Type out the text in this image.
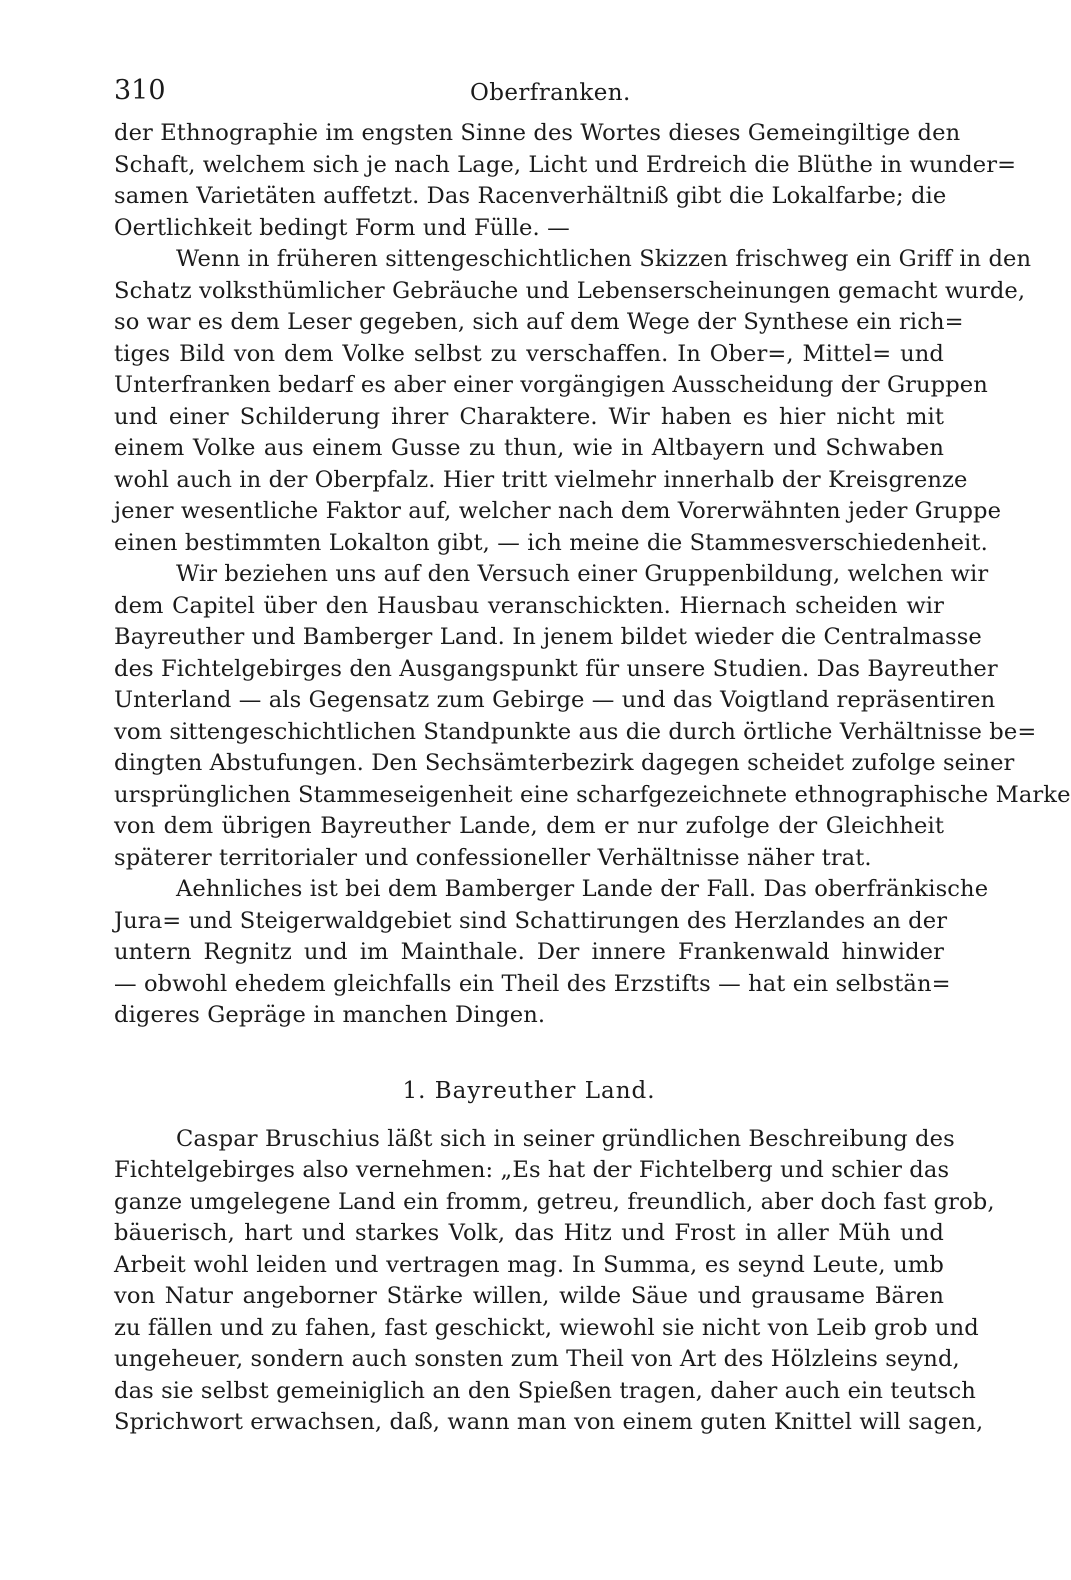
310	Oberfranken.
der Ethnographie im engsten Sinne des Wortes dieses Gemeingiltige den
Schaft, welchem sich je nach Lage, Licht und Erdreich die Blüthe in wunder=
samen Varietäten auffetzt. Das Racenverhältniß gibt die Lokalfarbe; die
Oertlichkeit bedingt Form und Fülle. —
Wenn in früheren sittengeschichtlichen Skizzen frischweg ein Griff in den
Schatz volksthümlicher Gebräuche und Lebenserscheinungen gemacht wurde,
so war es dem Leser gegeben, sich auf dem Wege der Synthese ein rich=
tiges Bild von dem Volke selbst zu verschaffen. In Ober=, Mittel= und
Unterfranken bedarf es aber einer vorgängigen Ausscheidung der Gruppen
und einer Schilderung ihrer Charaktere. Wir haben es hier nicht mit
einem Volke aus einem Gusse zu thun, wie in Altbayern und Schwaben
wohl auch in der Oberpfalz. Hier tritt vielmehr innerhalb der Kreisgrenze
jener wesentliche Faktor auf, welcher nach dem Vorerwähnten jeder Gruppe
einen bestimmten Lokalton gibt, — ich meine die Stammesverschiedenheit.
Wir beziehen uns auf den Versuch einer Gruppenbildung, welchen wir
dem Capitel über den Hausbau veranschickten. Hiernach scheiden wir
Bayreuther und Bamberger Land. In jenem bildet wieder die Centralmasse
des Fichtelgebirges den Ausgangspunkt für unsere Studien. Das Bayreuther
Unterland — als Gegensatz zum Gebirge — und das Voigtland repräsentiren
vom sittengeschichtlichen Standpunkte aus die durch örtliche Verhältnisse be=
dingten Abstufungen. Den Sechsämterbezirk dagegen scheidet zufolge seiner
ursprünglichen Stammeseigenheit eine scharfgezeichnete ethnographische Marke
von dem übrigen Bayreuther Lande, dem er nur zufolge der Gleichheit
späterer territorialer und confessioneller Verhältnisse näher trat.
Aehnliches ist bei dem Bamberger Lande der Fall. Das oberfränkische
Jura= und Steigerwaldgebiet sind Schattirungen des Herzlandes an der
untern Regnitz und im Mainthale. Der innere Frankenwald hinwider
— obwohl ehedem gleichfalls ein Theil des Erzstifts — hat ein selbstän=
digeres Gepräge in manchen Dingen.
1. Bayreuther Land.
Caspar Bruschius läßt sich in seiner gründlichen Beschreibung des
Fichtelgebirges also vernehmen: „Es hat der Fichtelberg und schier das
ganze umgelegene Land ein fromm, getreu, freundlich, aber doch fast grob,
bäuerisch, hart und starkes Volk, das Hitz und Frost in aller Müh und
Arbeit wohl leiden und vertragen mag. In Summa, es seynd Leute, umb
von Natur angeborner Stärke willen, wilde Säue und grausame Bären
zu fällen und zu fahen, fast geschickt, wiewohl sie nicht von Leib grob und
ungeheuer, sondern auch sonsten zum Theil von Art des Hölzleins seynd,
das sie selbst gemeiniglich an den Spießen tragen, daher auch ein teutsch
Sprichwort erwachsen, daß, wann man von einem guten Knittel will sagen,
